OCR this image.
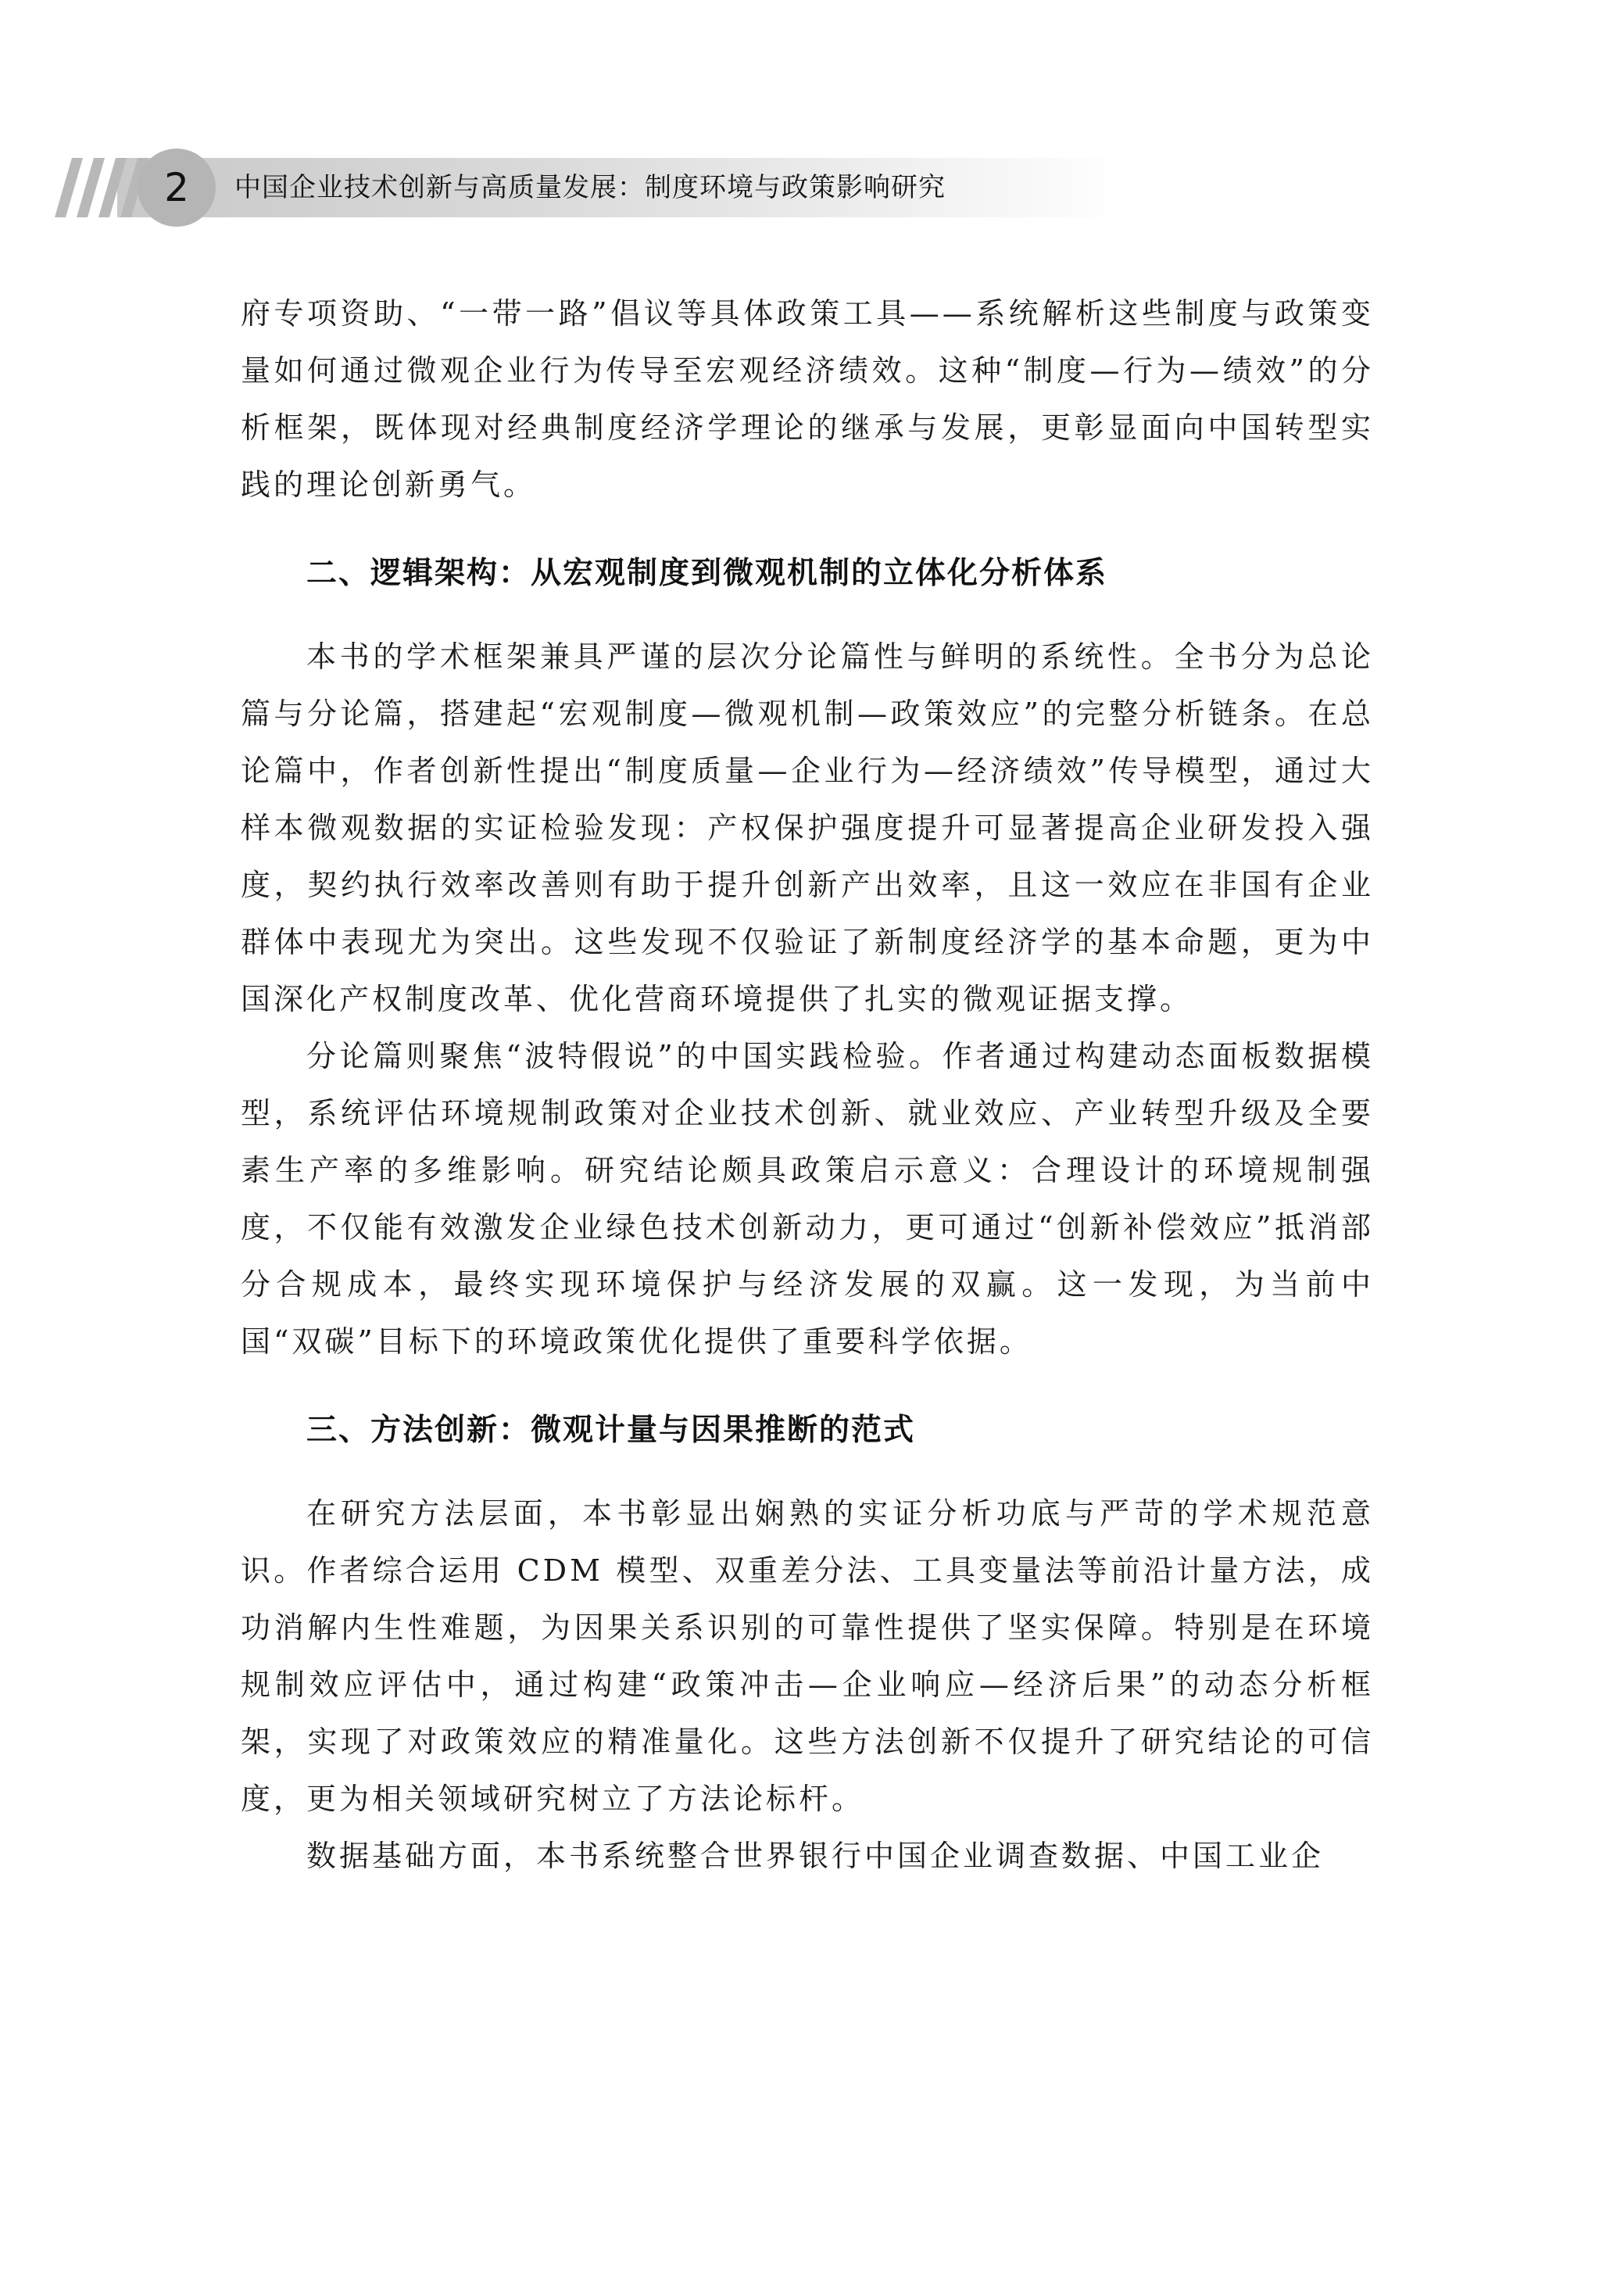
2	中国企业技术创新与高质量发展：制度环境与政策影响研究

府专项资助、“一带一路”倡议等具体政策工具——系统解析这些制度与政策变量如何通过微观企业行为传导至宏观经济绩效。这种“制度—行为—绩效”的分析框架，既体现对经典制度经济学理论的继承与发展，更彰显面向中国转型实践的理论创新勇气。

二、逻辑架构：从宏观制度到微观机制的立体化分析体系

本书的学术框架兼具严谨的层次分论篇性与鲜明的系统性。全书分为总论篇与分论篇，搭建起“宏观制度—微观机制—政策效应”的完整分析链条。在总论篇中，作者创新性提出“制度质量—企业行为—经济绩效”传导模型，通过大样本微观数据的实证检验发现：产权保护强度提升可显著提高企业研发投入强度，契约执行效率改善则有助于提升创新产出效率，且这一效应在非国有企业群体中表现尤为突出。这些发现不仅验证了新制度经济学的基本命题，更为中国深化产权制度改革、优化营商环境提供了扎实的微观证据支撑。

分论篇则聚焦“波特假说”的中国实践检验。作者通过构建动态面板数据模型，系统评估环境规制政策对企业技术创新、就业效应、产业转型升级及全要素生产率的多维影响。研究结论颇具政策启示意义：合理设计的环境规制强度，不仅能有效激发企业绿色技术创新动力，更可通过“创新补偿效应”抵消部分合规成本，最终实现环境保护与经济发展的双赢。这一发现，为当前中国“双碳”目标下的环境政策优化提供了重要科学依据。

三、方法创新：微观计量与因果推断的范式

在研究方法层面，本书彰显出娴熟的实证分析功底与严苛的学术规范意识。作者综合运用 CDM 模型、双重差分法、工具变量法等前沿计量方法，成功消解内生性难题，为因果关系识别的可靠性提供了坚实保障。特别是在环境规制效应评估中，通过构建“政策冲击—企业响应—经济后果”的动态分析框架，实现了对政策效应的精准量化。这些方法创新不仅提升了研究结论的可信度，更为相关领域研究树立了方法论标杆。

数据基础方面，本书系统整合世界银行中国企业调查数据、中国工业企
